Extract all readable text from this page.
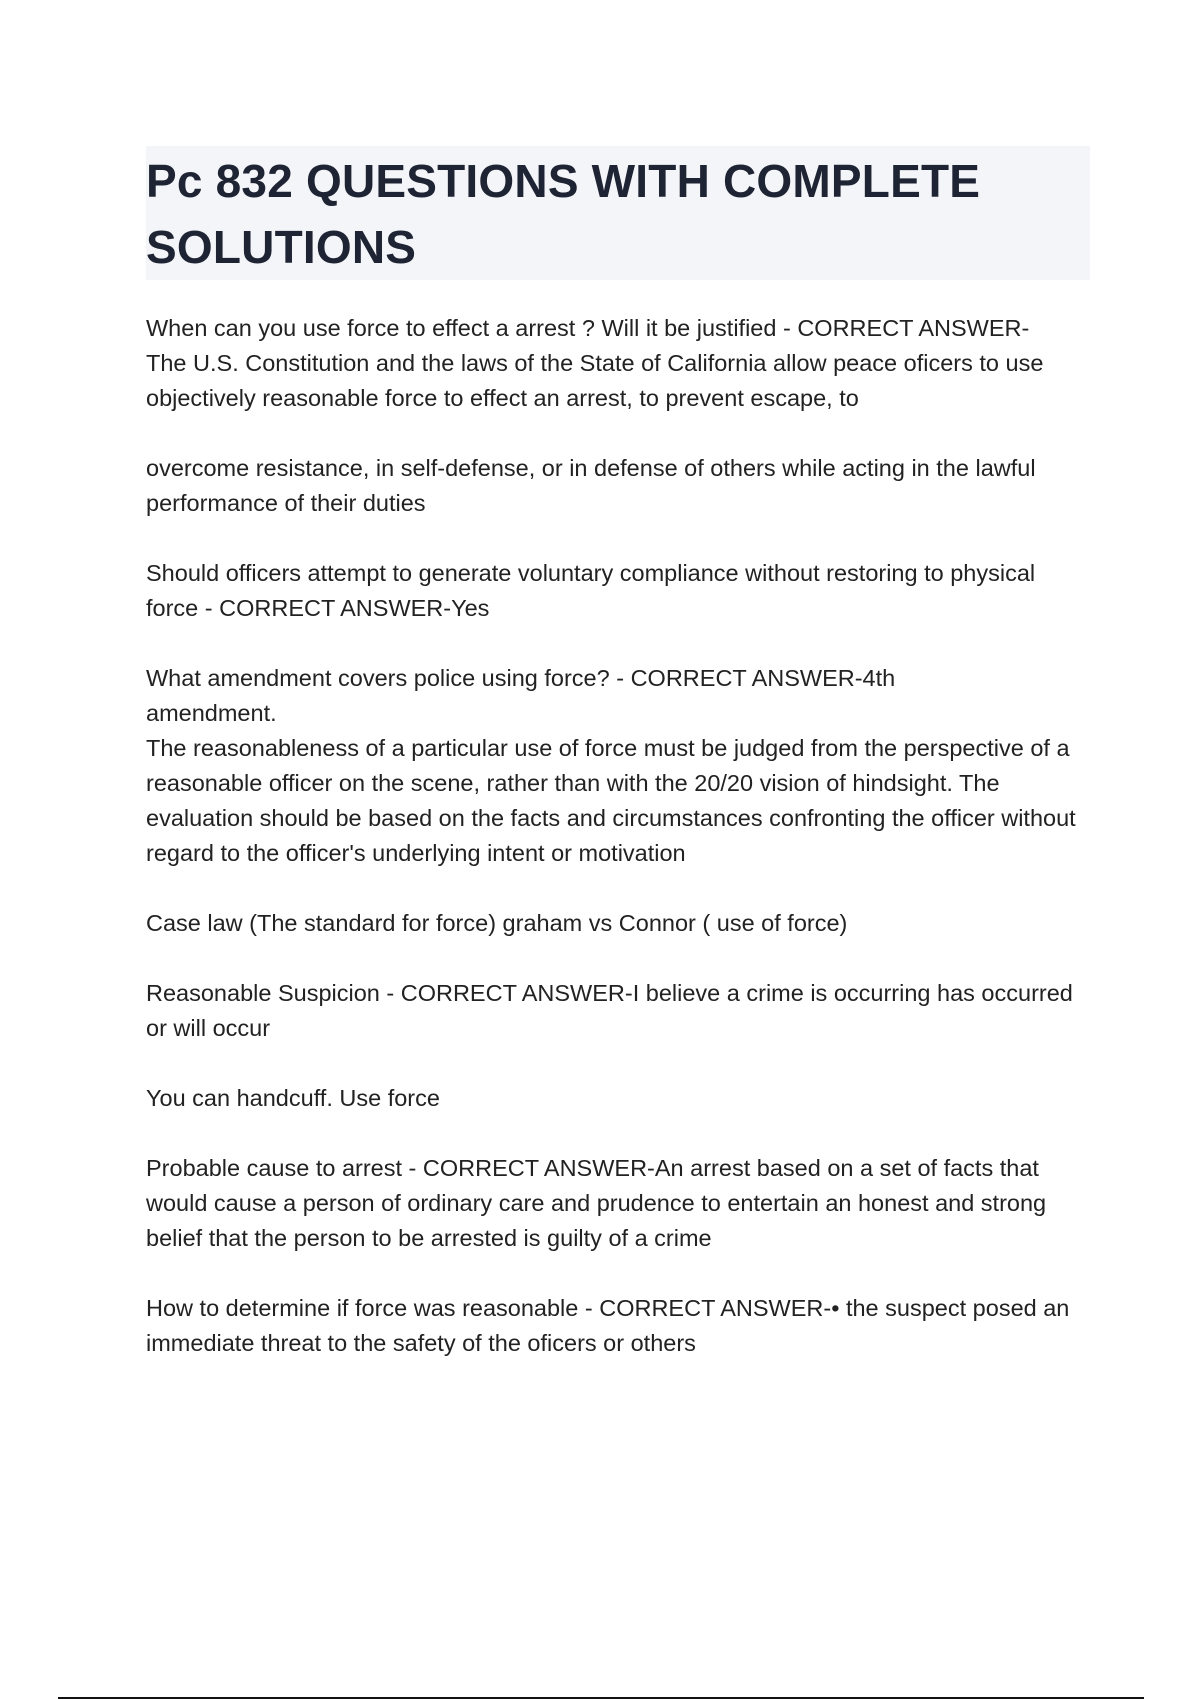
Pc 832 QUESTIONS WITH COMPLETE SOLUTIONS

When can you use force to effect a arrest ? Will it be justified - CORRECT ANSWER-The U.S. Constitution and the laws of the State of California allow peace oficers to use objectively reasonable force to effect an arrest, to prevent escape, to

overcome resistance, in self-defense, or in defense of others while acting in the lawful performance of their duties

Should officers attempt to generate voluntary compliance without restoring to physical force - CORRECT ANSWER-Yes

What amendment covers police using force? - CORRECT ANSWER-4th amendment.

The reasonableness of a particular use of force must be judged from the perspective of a reasonable officer on the scene, rather than with the 20/20 vision of hindsight. The evaluation should be based on the facts and circumstances confronting the officer without regard to the officer's underlying intent or motivation

Case law (The standard for force) graham vs Connor ( use of force)

Reasonable Suspicion - CORRECT ANSWER-I believe a crime is occurring has occurred or will occur

You can handcuff. Use force

Probable cause to arrest - CORRECT ANSWER-An arrest based on a set of facts that would cause a person of ordinary care and prudence to entertain an honest and strong belief that the person to be arrested is guilty of a crime

How to determine if force was reasonable - CORRECT ANSWER-• the suspect posed an immediate threat to the safety of the oficers or others
